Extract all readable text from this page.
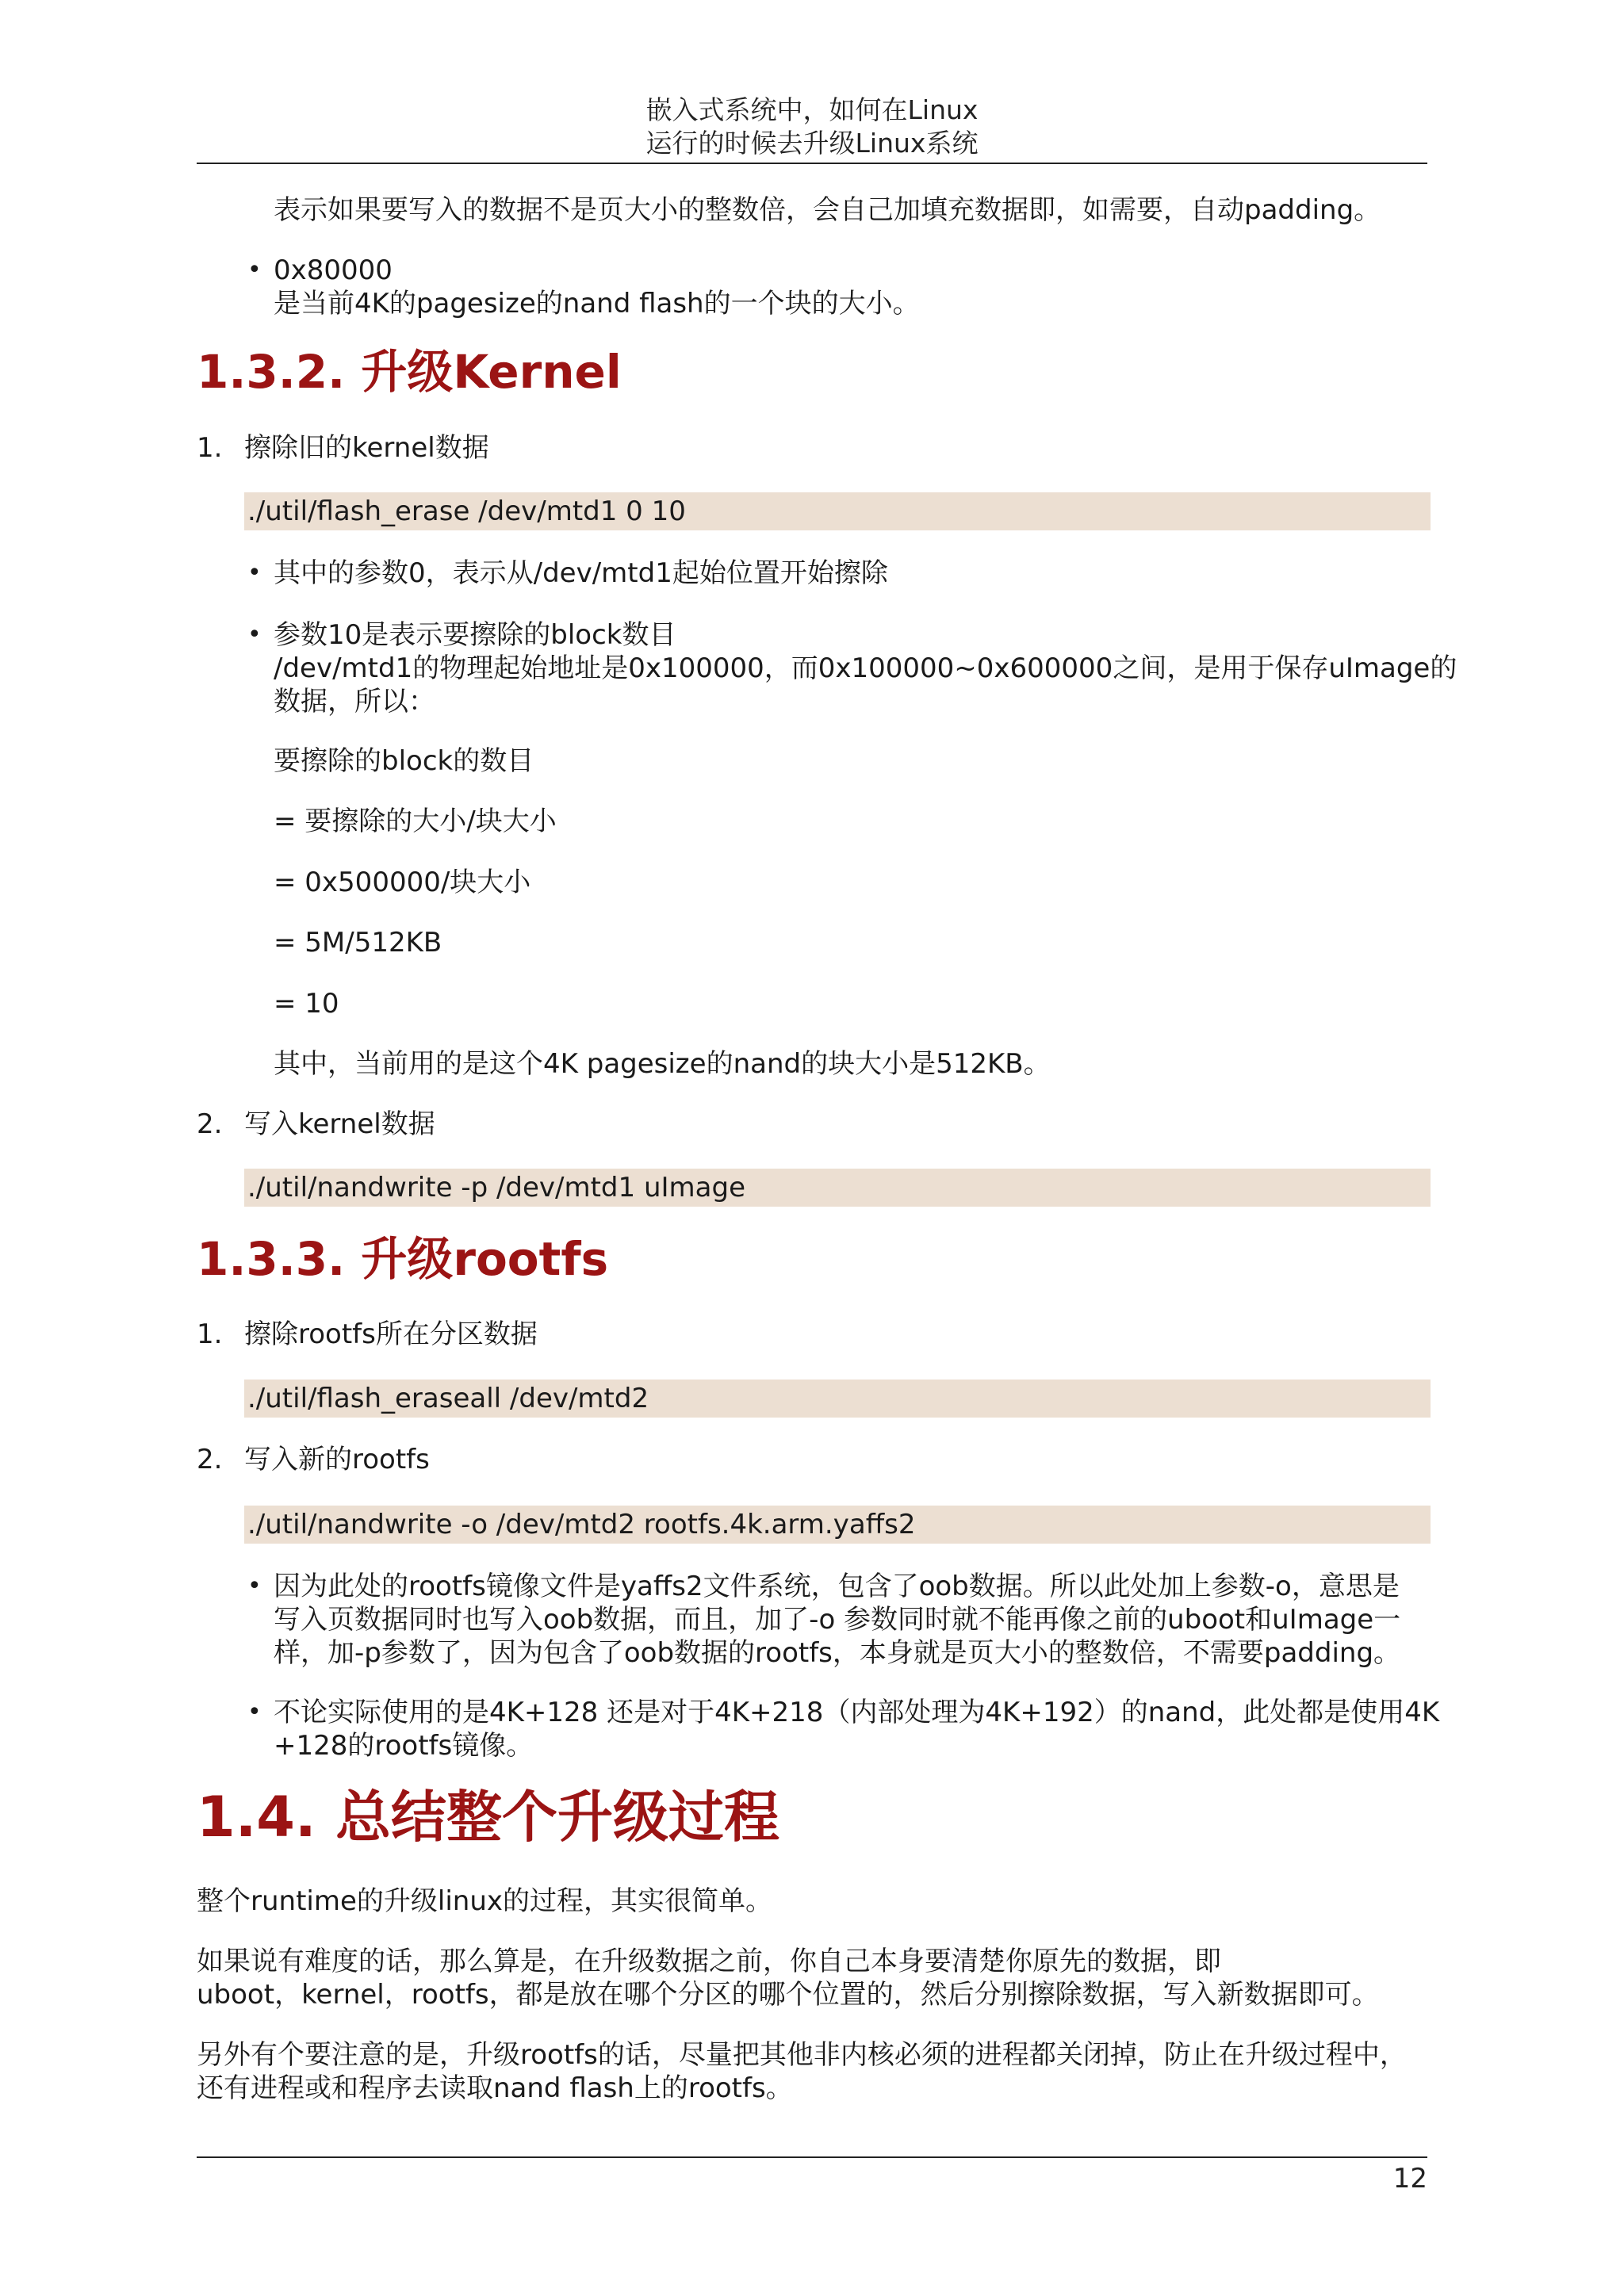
嵌入式系统中，如何在Linux
运行的时候去升级Linux系统
表示如果要写入的数据不是页大小的整数倍，会自己加填充数据即，如需要，自动padding。
• 0x80000
是当前4K的pagesize的nand flash的一个块的大小。
1.3.2. 升级Kernel
1. 擦除旧的kernel数据
./util/flash_erase /dev/mtd1 0 10
• 其中的参数0，表示从/dev/mtd1起始位置开始擦除
• 参数10是表示要擦除的block数目
/dev/mtd1的物理起始地址是0x100000，而0x100000~0x600000之间，是用于保存uImage的
数据，所以：
要擦除的block的数目
= 要擦除的大小/块大小
= 0x500000/块大小
= 5M/512KB
= 10
其中，当前用的是这个4K pagesize的nand的块大小是512KB。
2. 写入kernel数据
./util/nandwrite -p /dev/mtd1 uImage
1.3.3. 升级rootfs
1. 擦除rootfs所在分区数据
./util/flash_eraseall /dev/mtd2
2. 写入新的rootfs
./util/nandwrite -o /dev/mtd2 rootfs.4k.arm.yaffs2
• 因为此处的rootfs镜像文件是yaffs2文件系统，包含了oob数据。所以此处加上参数-o，意思是
写入页数据同时也写入oob数据，而且，加了-o 参数同时就不能再像之前的uboot和uImage一
样，加-p参数了，因为包含了oob数据的rootfs，本身就是页大小的整数倍，不需要padding。
• 不论实际使用的是4K+128 还是对于4K+218（内部处理为4K+192）的nand，此处都是使用4K
+128的rootfs镜像。
1.4. 总结整个升级过程
整个runtime的升级linux的过程，其实很简单。
如果说有难度的话，那么算是，在升级数据之前，你自己本身要清楚你原先的数据，即
uboot，kernel，rootfs，都是放在哪个分区的哪个位置的，然后分别擦除数据，写入新数据即可。
另外有个要注意的是，升级rootfs的话，尽量把其他非内核必须的进程都关闭掉，防止在升级过程中，
还有进程或和程序去读取nand flash上的rootfs。
12
